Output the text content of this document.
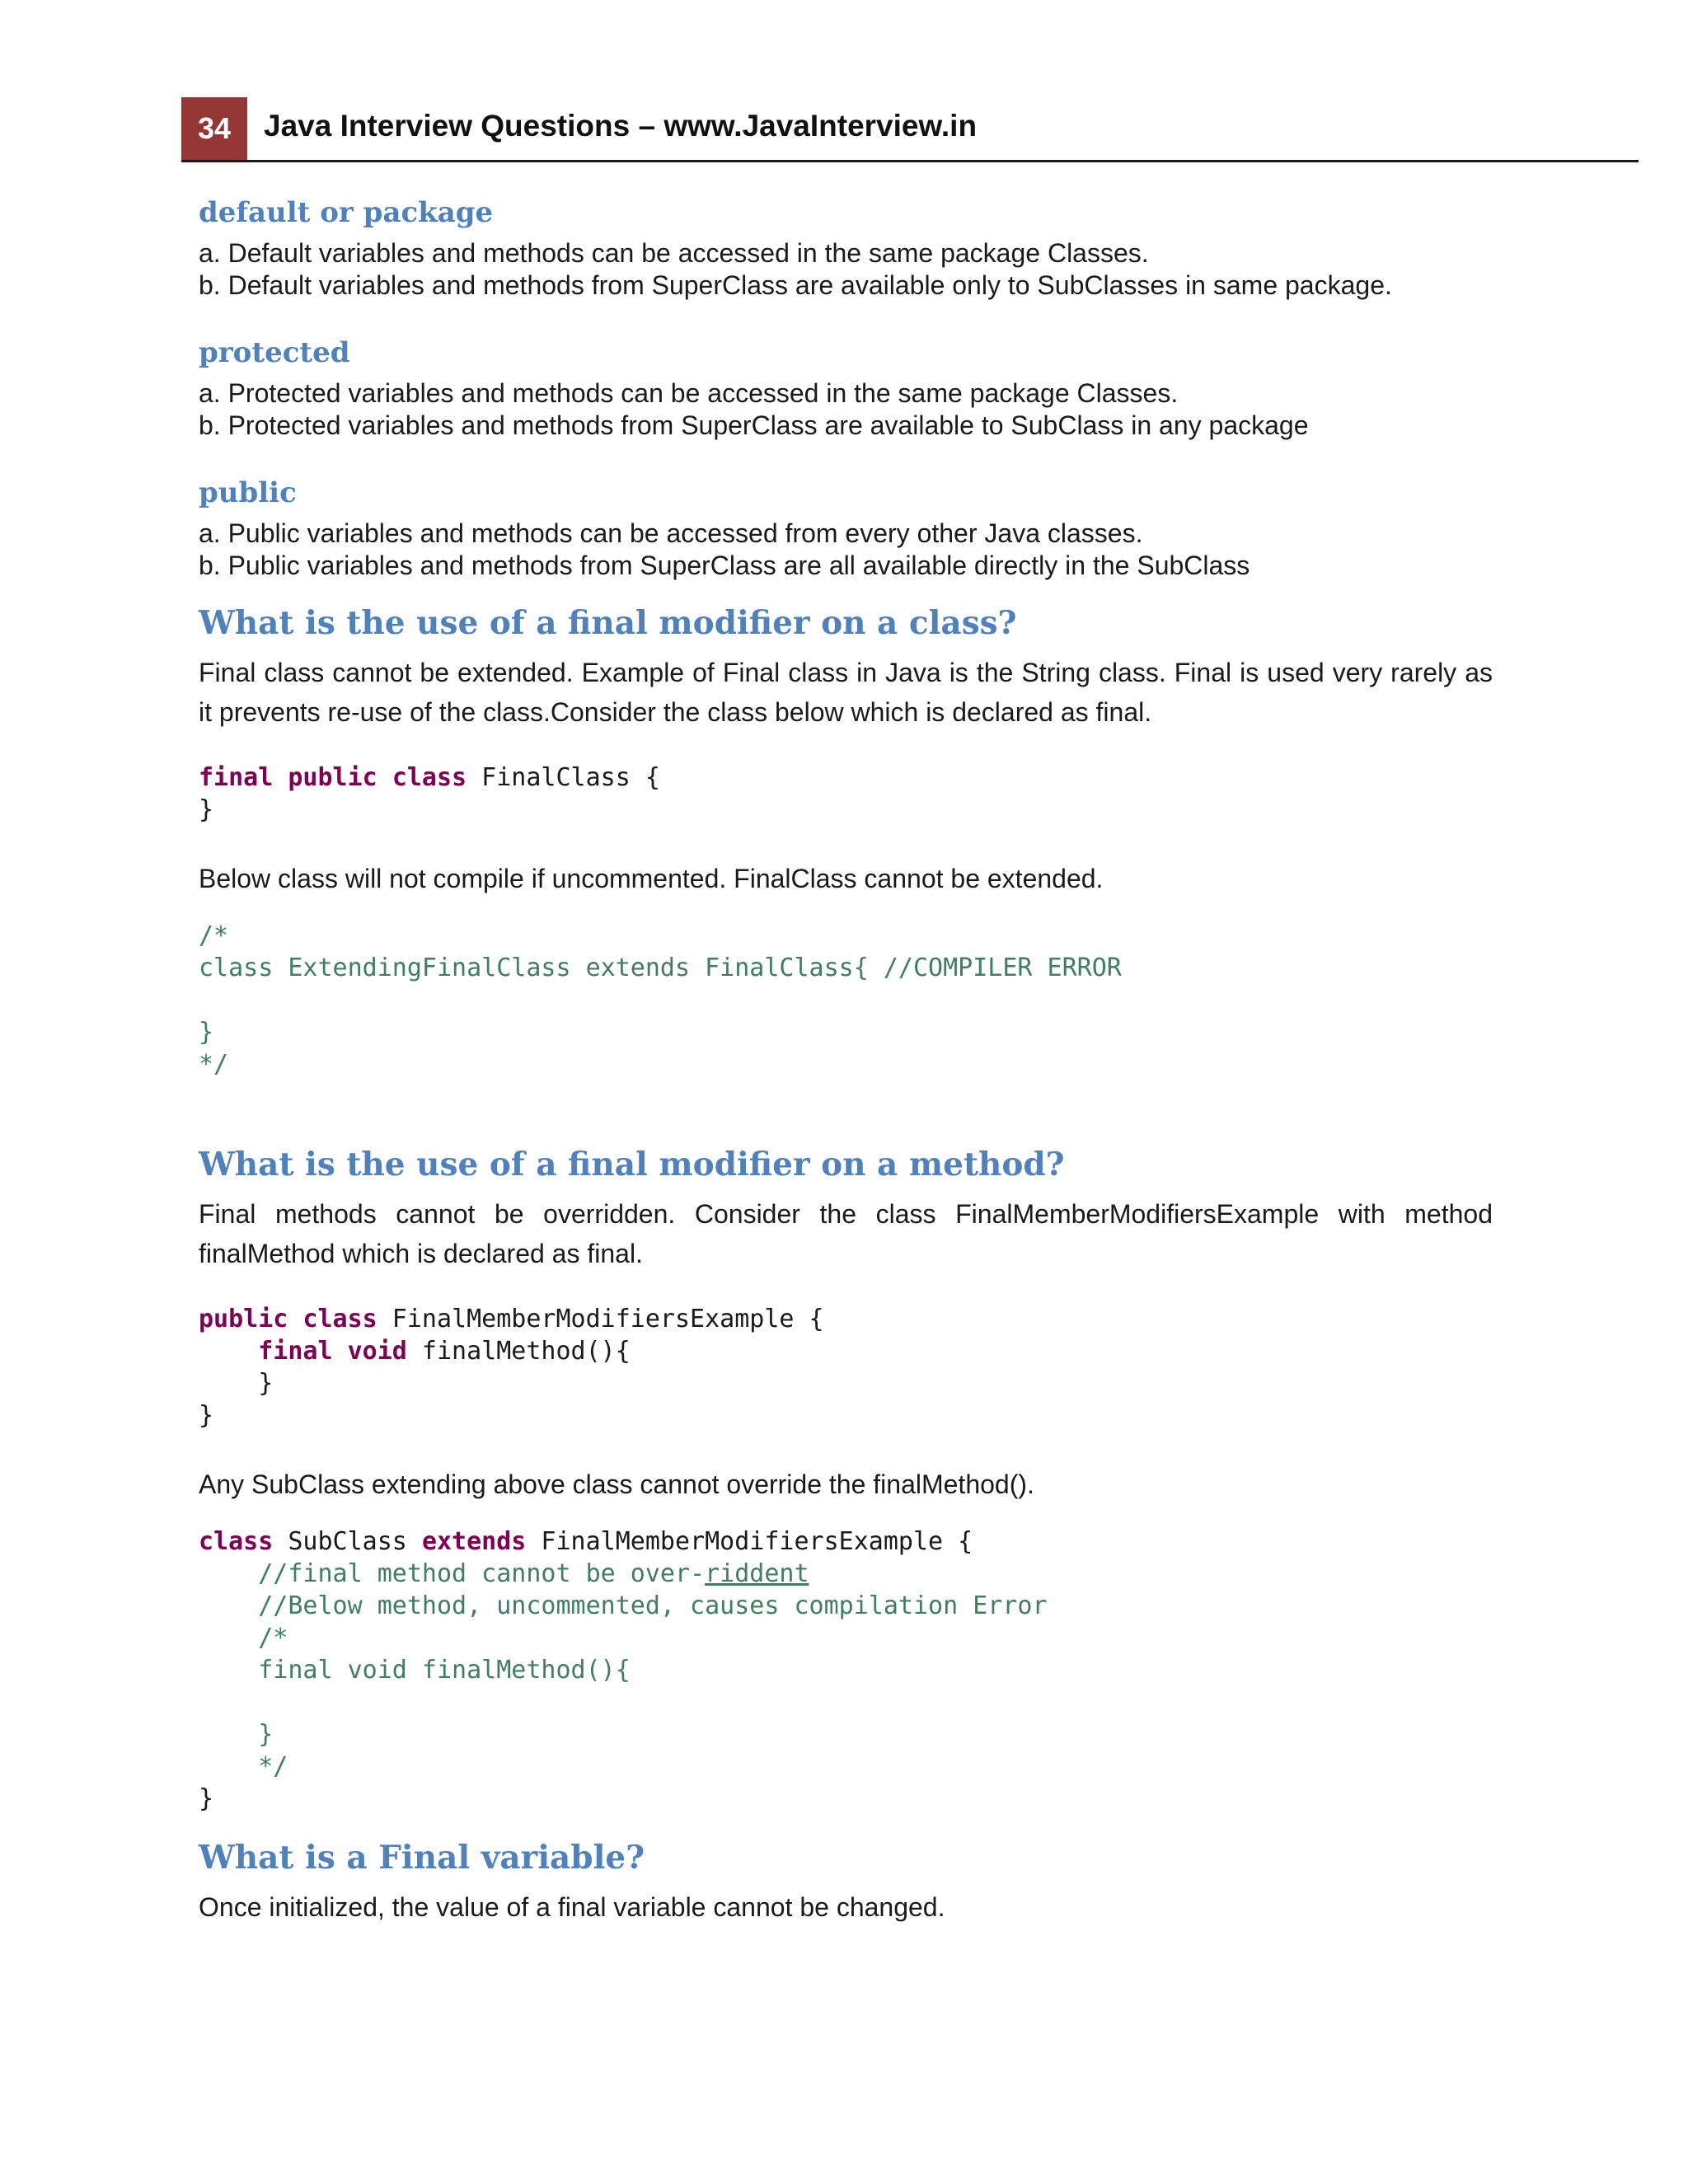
34	Java Interview Questions – www.JavaInterview.in
default or package
a. Default variables and methods can be accessed in the same package Classes.
b. Default variables and methods from SuperClass are available only to SubClasses in same package.
protected
a. Protected variables and methods can be accessed in the same package Classes.
b. Protected variables and methods from SuperClass are available to SubClass in any package
public
a. Public variables and methods can be accessed from every other Java classes.
b. Public variables and methods from SuperClass are all available directly in the SubClass
What is the use of a final modifier on a class?

Final class cannot be extended. Example of Final class in Java is the String class. Final is used very rarely as it prevents re-use of the class.Consider the class below which is declared as final.

final public class FinalClass {
}

Below class will not compile if uncommented. FinalClass cannot be extended.

/*
class ExtendingFinalClass extends FinalClass{ //COMPILER ERROR

}
*/
What is the use of a final modifier on a method?

Final methods cannot be overridden. Consider the class FinalMemberModifiersExample with method finalMethod which is declared as final.

public class FinalMemberModifiersExample {
final void finalMethod(){
}
}

Any SubClass extending above class cannot override the finalMethod().

class SubClass extends FinalMemberModifiersExample {
//final method cannot be over-riddent
//Below method, uncommented, causes compilation Error
/*
final void finalMethod(){

}
*/
}
What is a Final variable?

Once initialized, the value of a final variable cannot be changed.
